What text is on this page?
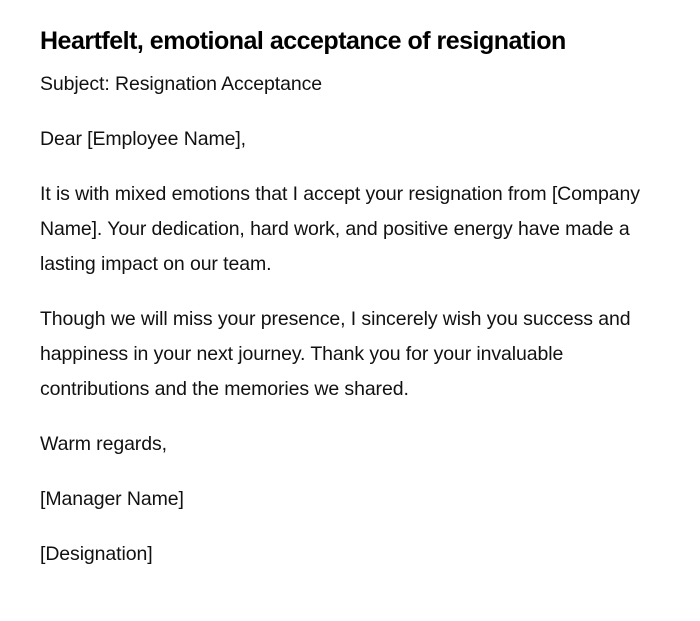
Heartfelt, emotional acceptance of resignation

Subject: Resignation Acceptance

Dear [Employee Name],

It is with mixed emotions that I accept your resignation from [Company Name]. Your dedication, hard work, and positive energy have made a lasting impact on our team.

Though we will miss your presence, I sincerely wish you success and happiness in your next journey. Thank you for your invaluable contributions and the memories we shared.

Warm regards,

[Manager Name]

[Designation]
